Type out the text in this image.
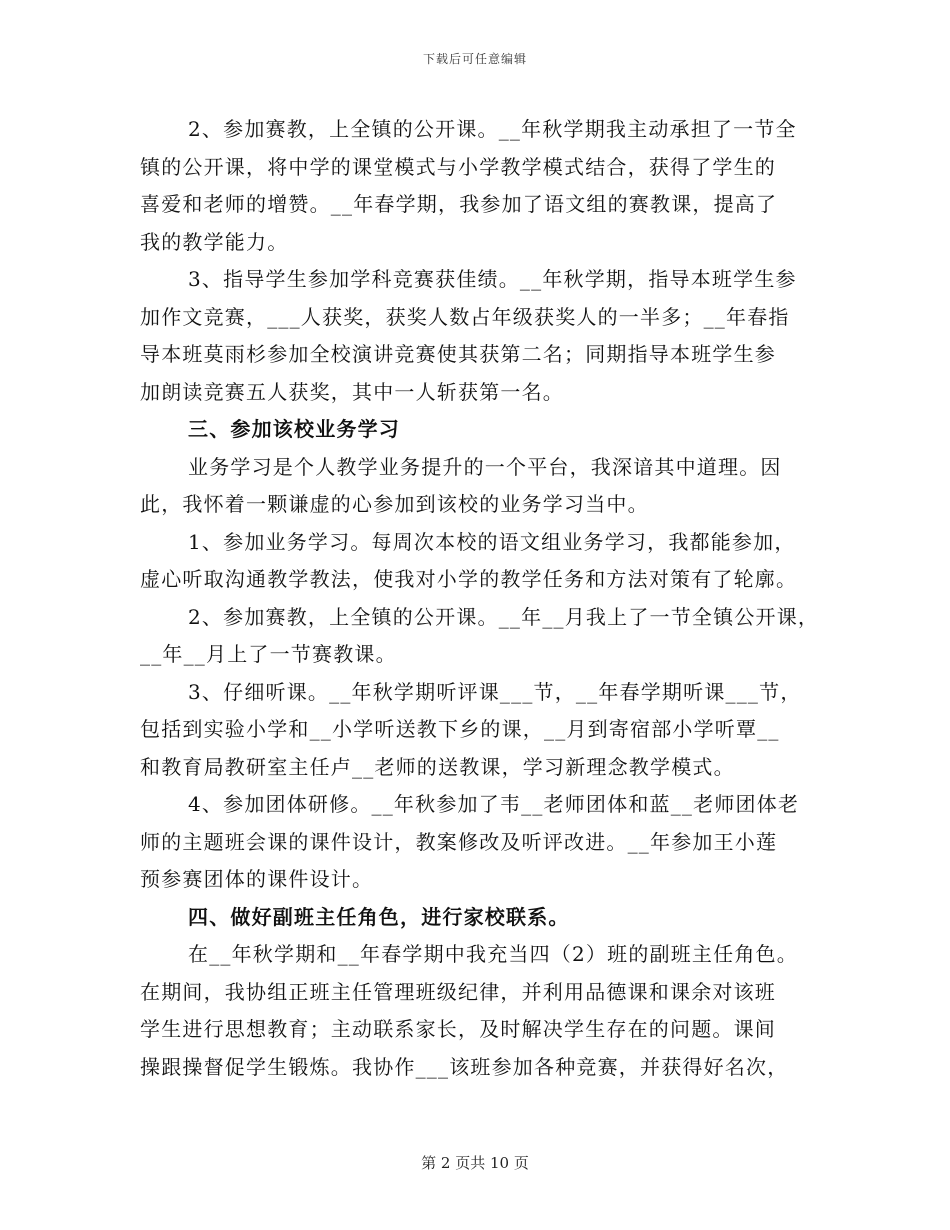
下载后可任意编辑
2、参加赛教，上全镇的公开课。__年秋学期我主动承担了一节全
镇的公开课，将中学的课堂模式与小学教学模式结合，获得了学生的
喜爱和老师的增赞。__年春学期，我参加了语文组的赛教课，提高了
我的教学能力。
3、指导学生参加学科竞赛获佳绩。__年秋学期，指导本班学生参
加作文竞赛，___人获奖，获奖人数占年级获奖人的一半多；__年春指
导本班莫雨杉参加全校演讲竞赛使其获第二名；同期指导本班学生参
加朗读竞赛五人获奖，其中一人斩获第一名。
三、参加该校业务学习
业务学习是个人教学业务提升的一个平台，我深谙其中道理。因
此，我怀着一颗谦虚的心参加到该校的业务学习当中。
1、参加业务学习。每周次本校的语文组业务学习，我都能参加，
虚心听取沟通教学教法，使我对小学的教学任务和方法对策有了轮廓。
2、参加赛教，上全镇的公开课。__年__月我上了一节全镇公开课，
__年__月上了一节赛教课。
3、仔细听课。__年秋学期听评课___节，__年春学期听课___节，
包括到实验小学和__小学听送教下乡的课，__月到寄宿部小学听覃__
和教育局教研室主任卢__老师的送教课，学习新理念教学模式。
4、参加团体研修。__年秋参加了韦__老师团体和蓝__老师团体老
师的主题班会课的课件设计，教案修改及听评改进。__年参加王小莲
预参赛团体的课件设计。
四、做好副班主任角色，进行家校联系。
在__年秋学期和__年春学期中我充当四（2）班的副班主任角色。
在期间，我协组正班主任管理班级纪律，并利用品德课和课余对该班
学生进行思想教育；主动联系家长，及时解决学生存在的问题。课间
操跟操督促学生锻炼。我协作___该班参加各种竞赛，并获得好名次，
第 2 页共 10 页
